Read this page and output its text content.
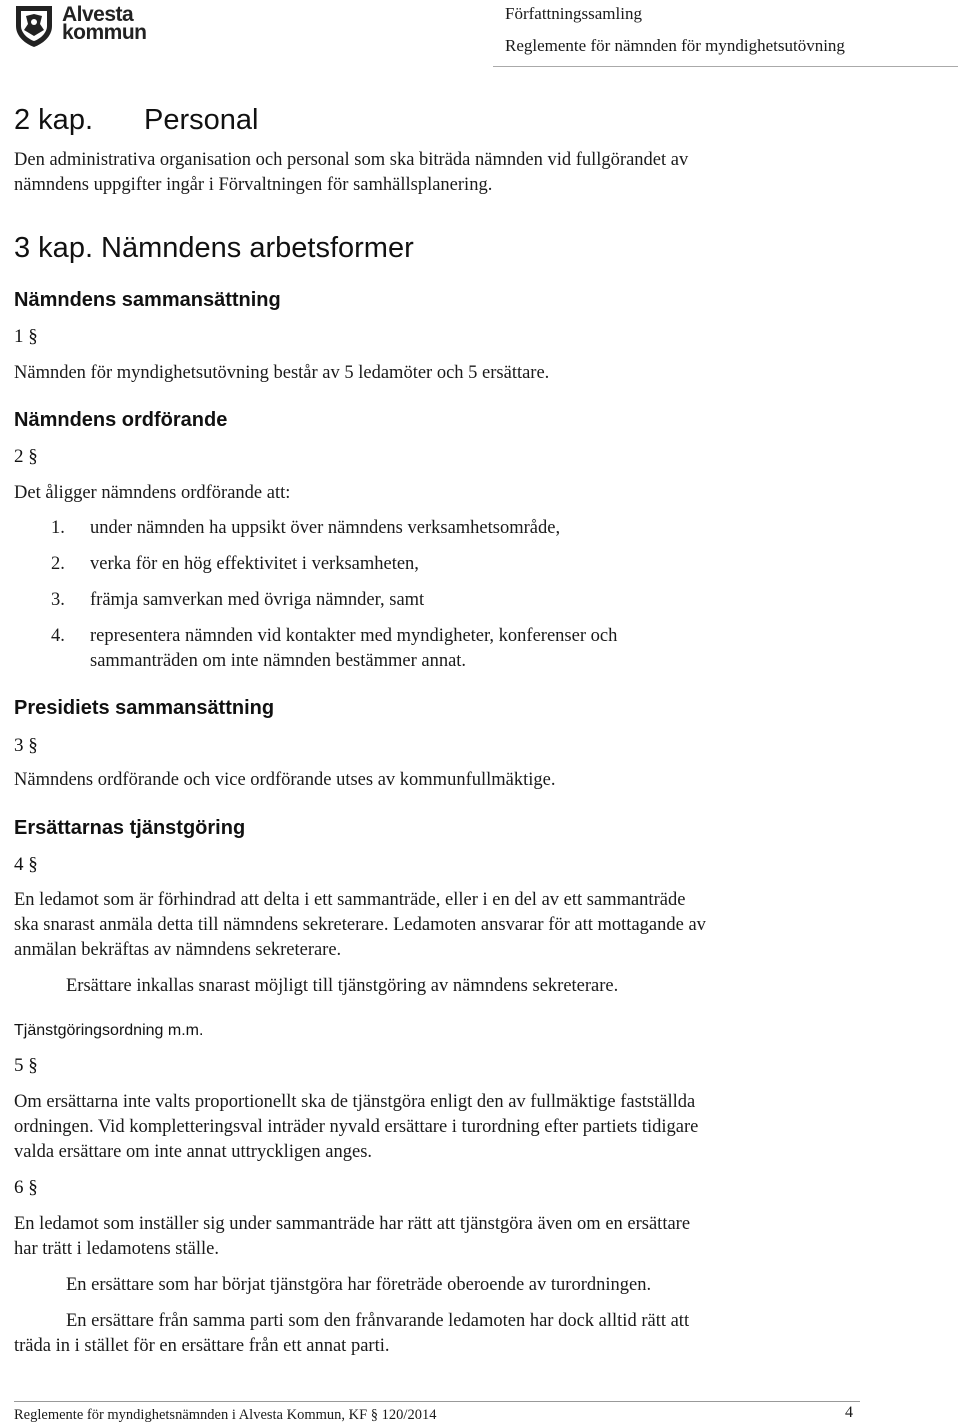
Alvesta
kommun
Författningssamling
Reglemente för nämnden för myndighetsutövning
2 kap. Personal
Den administrativa organisation och personal som ska biträda nämnden vid fullgörandet av
nämndens uppgifter ingår i Förvaltningen för samhällsplanering.
3 kap. Nämndens arbetsformer
Nämndens sammansättning
1 §
Nämnden för myndighetsutövning består av 5 ledamöter och 5 ersättare.
Nämndens ordförande
2 §
Det åligger nämndens ordförande att:
1. under nämnden ha uppsikt över nämndens verksamhetsområde,
2. verka för en hög effektivitet i verksamheten,
3. främja samverkan med övriga nämnder, samt
4. representera nämnden vid kontakter med myndigheter, konferenser och
sammanträden om inte nämnden bestämmer annat.
Presidiets sammansättning
3 §
Nämndens ordförande och vice ordförande utses av kommunfullmäktige.
Ersättarnas tjänstgöring
4 §
En ledamot som är förhindrad att delta i ett sammanträde, eller i en del av ett sammanträde
ska snarast anmäla detta till nämndens sekreterare. Ledamoten ansvarar för att mottagande av
anmälan bekräftas av nämndens sekreterare.
Ersättare inkallas snarast möjligt till tjänstgöring av nämndens sekreterare.
Tjänstgöringsordning m.m.
5 §
Om ersättarna inte valts proportionellt ska de tjänstgöra enligt den av fullmäktige fastställda
ordningen. Vid kompletteringsval inträder nyvald ersättare i turordning efter partiets tidigare
valda ersättare om inte annat uttryckligen anges.
6 §
En ledamot som inställer sig under sammanträde har rätt att tjänstgöra även om en ersättare
har trätt i ledamotens ställe.
En ersättare som har börjat tjänstgöra har företräde oberoende av turordningen.
En ersättare från samma parti som den frånvarande ledamoten har dock alltid rätt att
träda in i stället för en ersättare från ett annat parti.
Reglemente för myndighetsnämnden i Alvesta Kommun, KF § 120/2014	4
